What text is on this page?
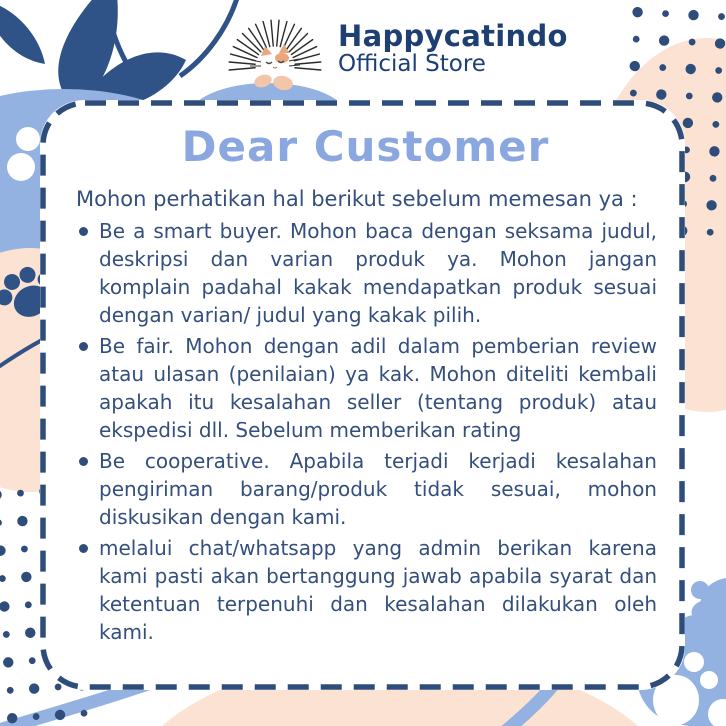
Happycatindo
Official Store
Dear Customer

Mohon perhatikan hal berikut sebelum memesan ya :

Be a smart buyer. Mohon baca dengan seksama judul, deskripsi dan varian produk ya. Mohon jangan komplain padahal kakak mendapatkan produk sesuai dengan varian/ judul yang kakak pilih.
Be fair. Mohon dengan adil dalam pemberian review atau ulasan (penilaian) ya kak. Mohon diteliti kembali apakah itu kesalahan seller (tentang produk) atau ekspedisi dll. Sebelum memberikan rating
Be cooperative. Apabila terjadi kerjadi kesalahan pengiriman barang/produk tidak sesuai, mohon diskusikan dengan kami.
melalui chat/whatsapp yang admin berikan karena kami pasti akan bertanggung jawab apabila syarat dan ketentuan terpenuhi dan kesalahan dilakukan oleh kami.
